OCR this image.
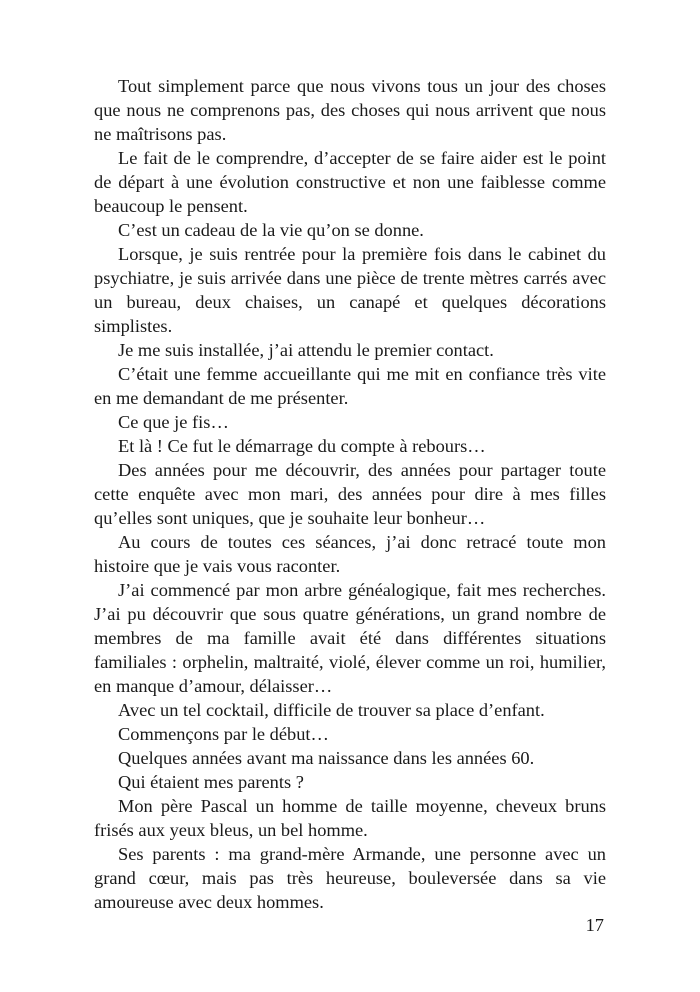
Tout simplement parce que nous vivons tous un jour des choses que nous ne comprenons pas, des choses qui nous arrivent que nous ne maîtrisons pas.

Le fait de le comprendre, d’accepter de se faire aider est le point de départ à une évolution constructive et non une faiblesse comme beaucoup le pensent.

C’est un cadeau de la vie qu’on se donne.

Lorsque, je suis rentrée pour la première fois dans le cabinet du psychiatre, je suis arrivée dans une pièce de trente mètres carrés avec un bureau, deux chaises, un canapé et quelques décorations simplistes.

Je me suis installée, j’ai attendu le premier contact.

C’était une femme accueillante qui me mit en confiance très vite en me demandant de me présenter.

Ce que je fis…

Et là ! Ce fut le démarrage du compte à rebours…

Des années pour me découvrir, des années pour partager toute cette enquête avec mon mari, des années pour dire à mes filles qu’elles sont uniques, que je souhaite leur bonheur…

Au cours de toutes ces séances, j’ai donc retracé toute mon histoire que je vais vous raconter.

J’ai commencé par mon arbre généalogique, fait mes recherches. J’ai pu découvrir que sous quatre générations, un grand nombre de membres de ma famille avait été dans différentes situations familiales : orphelin, maltraité, violé, élever comme un roi, humilier, en manque d’amour, délaisser…

Avec un tel cocktail, difficile de trouver sa place d’enfant.

Commençons par le début…

Quelques années avant ma naissance dans les années 60.

Qui étaient mes parents ?

Mon père Pascal un homme de taille moyenne, cheveux bruns frisés aux yeux bleus, un bel homme.

Ses parents : ma grand-mère Armande, une personne avec un grand cœur, mais pas très heureuse, bouleversée dans sa vie amoureuse avec deux hommes.

17
